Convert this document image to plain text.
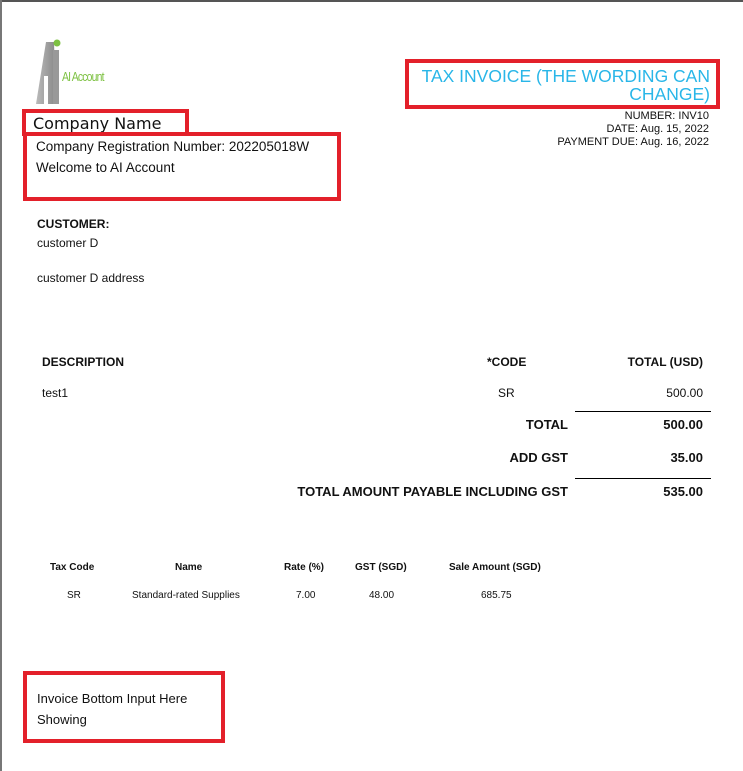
AI Account
Company Name
Company Registration Number: 202205018W
Welcome to AI Account
TAX INVOICE (THE WORDING CAN
CHANGE)
NUMBER: INV10
DATE: Aug. 15, 2022
PAYMENT DUE: Aug. 16, 2022
CUSTOMER:
customer D
customer D address
DESCRIPTION	*CODE	TOTAL (USD)
test1	SR	500.00
TOTAL	500.00
ADD GST	35.00
TOTAL AMOUNT PAYABLE INCLUDING GST	535.00
Tax Code	Name	Rate (%)	GST (SGD)	Sale Amount (SGD)
SR	Standard-rated Supplies	7.00	48.00	685.75
Invoice Bottom Input Here
Showing
